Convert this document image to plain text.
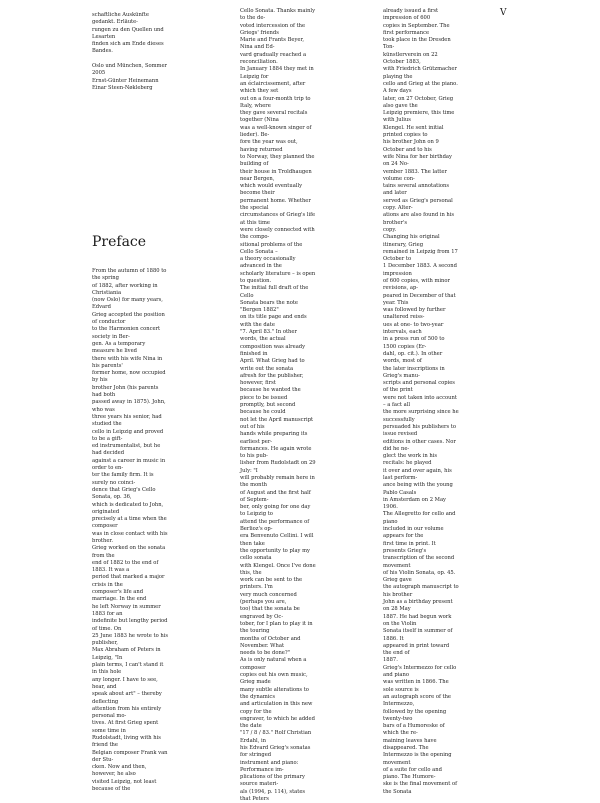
V

schaftliche Auskünfte gedankt. Erläute-
rungen zu den Quellen und Lesarten
finden sich am Ende dieses Bandes.

Oslo und München, Sommer 2005
Ernst-Günter Heinemann
Einar Steen-Nøkleberg

Preface

From the autumn of 1880 to the spring
of 1882, after working in Christiania
(now Oslo) for many years, Edvard
Grieg accepted the position of conductor
to the Harmonien concert society in Ber-
gen. As a temporary measure he lived
there with his wife Nina in his parents'
former home, now occupied by his
brother John (his parents had both
passed away in 1875). John, who was
three years his senior, had studied the
cello in Leipzig and proved to be a gift-
ed instrumentalist, but he had decided
against a career in music in order to en-
ter the family firm. It is surely no coinci-
dence that Grieg's Cello Sonata, op. 36,
which is dedicated to John, originated
precisely at a time when the composer
was in close contact with his brother.

Grieg worked on the sonata from the
end of 1882 to the end of 1883. It was a
period that marked a major crisis in the
composer's life and marriage. In the end
he left Norway in summer 1883 for an
indefinite but lengthy period of time. On
25 June 1883 he wrote to his publisher,
Max Abraham of Peters in Leipzig, "In
plain terms, I can't stand it in this hole
any longer. I have to see, hear, and
speak about art" – thereby deflecting
attention from his entirely personal mo-
tives. At first Grieg spent some time in
Rudolstadt, living with his friend the
Belgian composer Frank van der Stu-
cken. Now and then, however, he also
visited Leipzig, not least because of the

Cello Sonata. Thanks mainly to the de-
voted intercession of the Griegs' friends
Marie and Frants Beyer, Nina and Ed-
vard gradually reached a reconciliation.
In January 1884 they met in Leipzig for
an éclaircissement, after which they set
out on a four-month trip to Italy, where
they gave several recitals together (Nina
was a well-known singer of lieder). Be-
fore the year was out, having returned
to Norway, they planned the building of
their house in Troldhaugen near Bergen,
which would eventually become their
permanent home. Whether the special
circumstances of Grieg's life at this time
were closely connected with the compo-
sitional problems of the Cello Sonata –
a theory occasionally advanced in the
scholarly literature – is open to question.

The initial full draft of the Cello
Sonata bears the note "Bergen 1882"
on its title page and ends with the date
"7. April 83." In other words, the actual
composition was already finished in
April. What Grieg had to write out the sonata
afresh for the publisher, however, first
because he wanted the piece to be issued
promptly, but second because he could
not let the April manuscript out of his
hands while preparing its earliest per-
formances. He again wrote to his pub-
lisher from Rudolstadt on 29 July: "I
will probably remain here in the month
of August and the first half of Septem-
ber, only going for one day to Leipzig to
attend the performance of Berlioz's op-
era Benvenuto Cellini. I will then take
the opportunity to play my cello sonata
with Klengel. Once I've done this, the
work can be sent to the printers. I'm
very much concerned (perhaps you are,
too) that the sonata be engraved by Oc-
tober, for I plan to play it in the touring
months of October and November. What
needs to be done?"

As is only natural when a composer
copies out his own music, Grieg made
many subtle alterations to the dynamics
and articulation in this new copy for the
engraver, to which he added the date
"17 / 8 / 83." Rolf Christian Erdahl, in
his Edvard Grieg's sonatas for stringed
instrument and piano: Performance im-
plications of the primary source materi-
als (1994, p. 114), states that Peters

already issued a first impression of 600
copies in September. The first performance
took place in the Dresden Ton-
künstlerverein on 22 October 1883,
with Friedrich Grützmacher playing the
cello and Grieg at the piano. A few days
later, on 27 October, Grieg also gave the
Leipzig premiere, this time with Julius
Klengel. He sent initial printed copies to
his brother John on 9 October and to his
wife Nina for her birthday on 24 No-
vember 1883. The latter volume con-
tains several annotations and later
served as Grieg's personal copy. Alter-
ations are also found in his brother's
copy.

Changing his original itinerary, Grieg
remained in Leipzig from 17 October to
1 December 1883. A second impression
of 600 copies, with minor revisions, ap-
peared in December of that year. This
was followed by further unaltered reiss-
ues at one- to two-year intervals, each
in a press run of 500 to 1500 copies (Er-
dahl, op. cit.). In other words, most of
the later inscriptions in Grieg's manu-
scripts and personal copies of the print
were not taken into account – a fact all
the more surprising since he successfully
persuaded his publishers to issue revised
editions in other cases. Nor did he ne-
glect the work in his recitals: he played
it over and over again, his last perform-
ance being with the young Pablo Casals
in Amsterdam on 2 May 1906.

The Allegretto for cello and piano
included in our volume appears for the
first time in print. It presents Grieg's
transcription of the second movement
of his Violin Sonata, op. 45. Grieg gave
the autograph manuscript to his brother
John as a birthday present on 28 May
1887. He had begun work on the Violin
Sonata itself in summer of 1886. It
appeared in print toward the end of
1887.

Grieg's Intermezzo for cello and piano
was written in 1866. The sole source is
an autograph score of the Intermezzo,
followed by the opening twenty-two
bars of a Humoreske of which the re-
maining leaves have disappeared. The
Intermezzo is the opening movement
of a suite for cello and piano. The Humore-
ske is the final movement of the Sonata
